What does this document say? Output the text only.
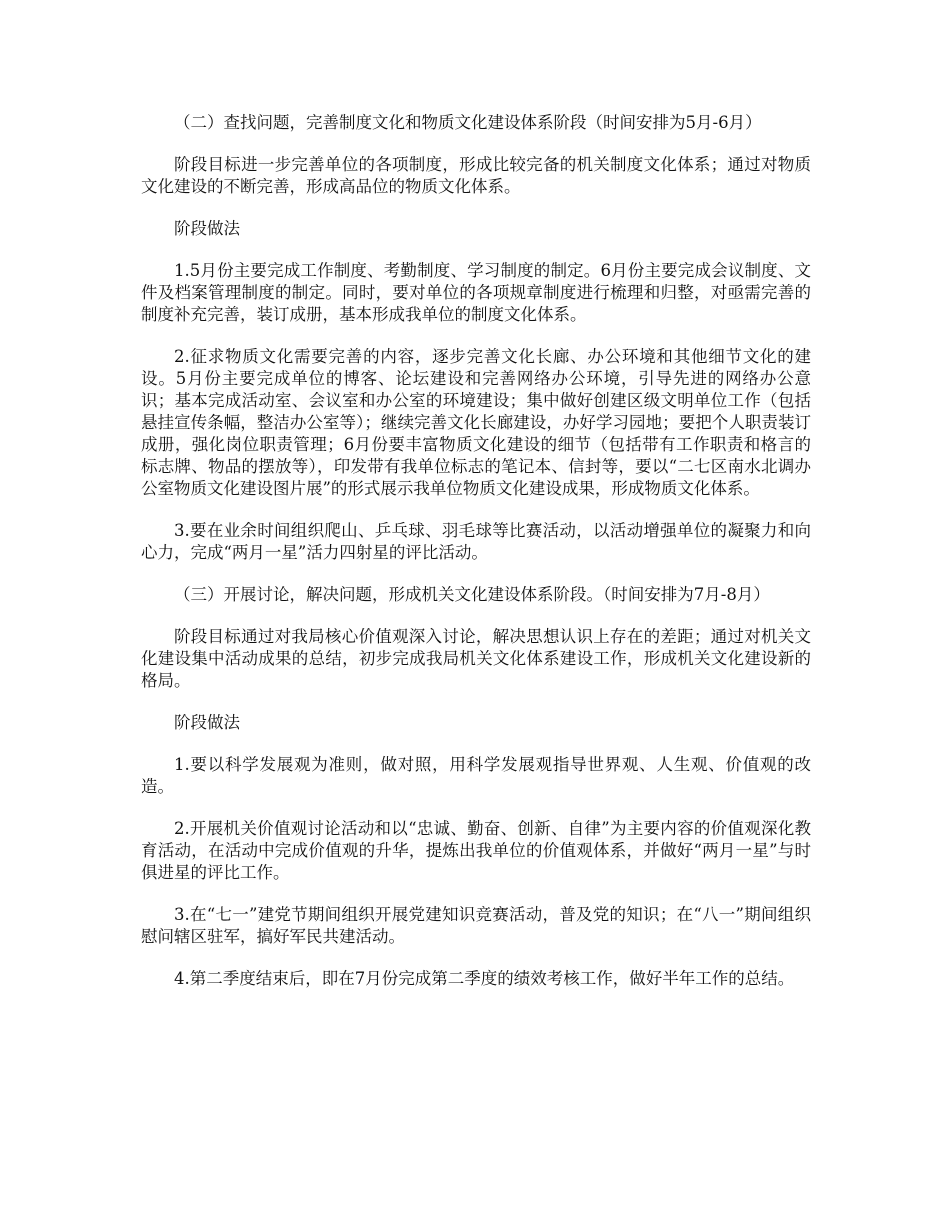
（二）查找问题，完善制度文化和物质文化建设体系阶段（时间安排为5月-6月）

阶段目标进一步完善单位的各项制度，形成比较完备的机关制度文化体系；通过对物质文化建设的不断完善，形成高品位的物质文化体系。

阶段做法

1.5月份主要完成工作制度、考勤制度、学习制度的制定。6月份主要完成会议制度、文件及档案管理制度的制定。同时，要对单位的各项规章制度进行梳理和归整，对亟需完善的制度补充完善，装订成册，基本形成我单位的制度文化体系。

2.征求物质文化需要完善的内容，逐步完善文化长廊、办公环境和其他细节文化的建设。5月份主要完成单位的博客、论坛建设和完善网络办公环境，引导先进的网络办公意识；基本完成活动室、会议室和办公室的环境建设；集中做好创建区级文明单位工作（包括悬挂宣传条幅，整洁办公室等）；继续完善文化长廊建设，办好学习园地；要把个人职责装订成册，强化岗位职责管理；6月份要丰富物质文化建设的细节（包括带有工作职责和格言的标志牌、物品的摆放等），印发带有我单位标志的笔记本、信封等，要以“二七区南水北调办公室物质文化建设图片展”的形式展示我单位物质文化建设成果，形成物质文化体系。

3.要在业余时间组织爬山、乒乓球、羽毛球等比赛活动，以活动增强单位的凝聚力和向心力，完成“两月一星”活力四射星的评比活动。

（三）开展讨论，解决问题，形成机关文化建设体系阶段。（时间安排为7月-8月）

阶段目标通过对我局核心价值观深入讨论，解决思想认识上存在的差距；通过对机关文化建设集中活动成果的总结，初步完成我局机关文化体系建设工作，形成机关文化建设新的格局。

阶段做法

1.要以科学发展观为准则，做对照，用科学发展观指导世界观、人生观、价值观的改造。

2.开展机关价值观讨论活动和以“忠诚、勤奋、创新、自律”为主要内容的价值观深化教育活动，在活动中完成价值观的升华，提炼出我单位的价值观体系，并做好“两月一星”与时俱进星的评比工作。

3.在“七一”建党节期间组织开展党建知识竞赛活动，普及党的知识；在“八一”期间组织慰问辖区驻军，搞好军民共建活动。

4.第二季度结束后，即在7月份完成第二季度的绩效考核工作，做好半年工作的总结。
